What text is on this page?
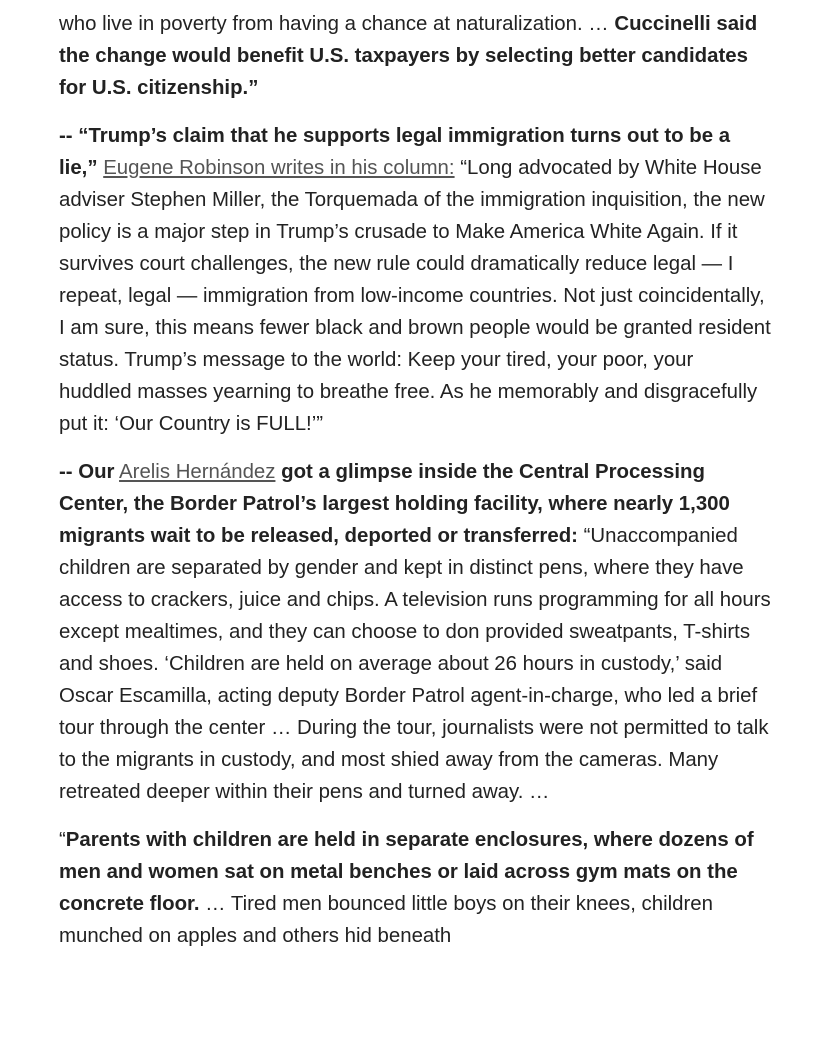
who live in poverty from having a chance at naturalization. … Cuccinelli said the change would benefit U.S. taxpayers by selecting better candidates for U.S. citizenship.”

-- “Trump’s claim that he supports legal immigration turns out to be a lie,” Eugene Robinson writes in his column: “Long advocated by White House adviser Stephen Miller, the Torquemada of the immigration inquisition, the new policy is a major step in Trump’s crusade to Make America White Again. If it survives court challenges, the new rule could dramatically reduce legal — I repeat, legal — immigration from low-income countries. Not just coincidentally, I am sure, this means fewer black and brown people would be granted resident status. Trump’s message to the world: Keep your tired, your poor, your huddled masses yearning to breathe free. As he memorably and disgracefully put it: ‘Our Country is FULL!’”

-- Our Arelis Hernández got a glimpse inside the Central Processing Center, the Border Patrol’s largest holding facility, where nearly 1,300 migrants wait to be released, deported or transferred: “Unaccompanied children are separated by gender and kept in distinct pens, where they have access to crackers, juice and chips. A television runs programming for all hours except mealtimes, and they can choose to don provided sweatpants, T-shirts and shoes. ‘Children are held on average about 26 hours in custody,’ said Oscar Escamilla, acting deputy Border Patrol agent-in-charge, who led a brief tour through the center … During the tour, journalists were not permitted to talk to the migrants in custody, and most shied away from the cameras. Many retreated deeper within their pens and turned away. …

“Parents with children are held in separate enclosures, where dozens of men and women sat on metal benches or laid across gym mats on the concrete floor. … Tired men bounced little boys on their knees, children munched on apples and others hid beneath
